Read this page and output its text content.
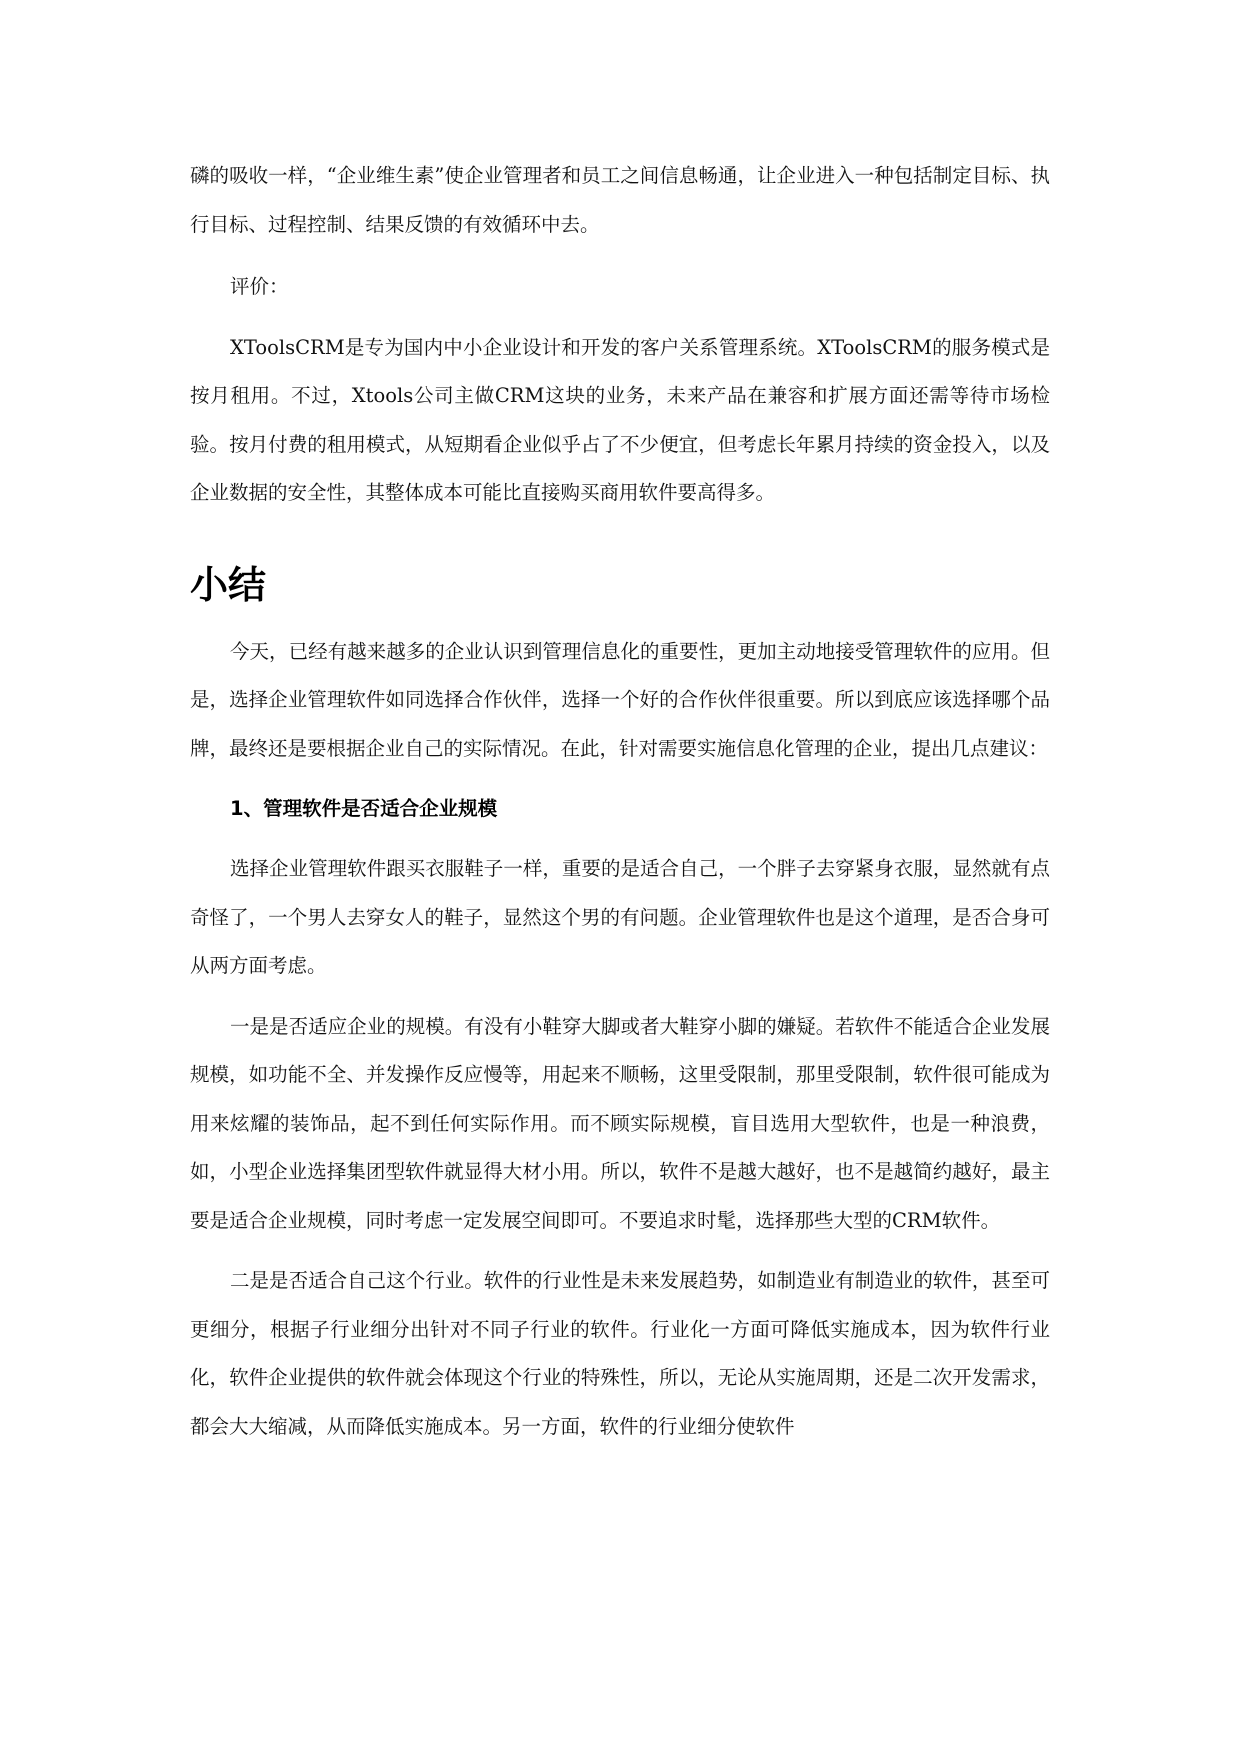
磷的吸收一样，“企业维生素”使企业管理者和员工之间信息畅通，让企业进入一种包括制定目标、执行目标、过程控制、结果反馈的有效循环中去。

评价：

XToolsCRM是专为国内中小企业设计和开发的客户关系管理系统。XToolsCRM的服务模式是按月租用。不过，Xtools公司主做CRM这块的业务，未来产品在兼容和扩展方面还需等待市场检验。按月付费的租用模式，从短期看企业似乎占了不少便宜，但考虑长年累月持续的资金投入，以及企业数据的安全性，其整体成本可能比直接购买商用软件要高得多。

小结

今天，已经有越来越多的企业认识到管理信息化的重要性，更加主动地接受管理软件的应用。但是，选择企业管理软件如同选择合作伙伴，选择一个好的合作伙伴很重要。所以到底应该选择哪个品牌，最终还是要根据企业自己的实际情况。在此，针对需要实施信息化管理的企业，提出几点建议：

1、管理软件是否适合企业规模

选择企业管理软件跟买衣服鞋子一样，重要的是适合自己，一个胖子去穿紧身衣服，显然就有点奇怪了，一个男人去穿女人的鞋子，显然这个男的有问题。企业管理软件也是这个道理，是否合身可从两方面考虑。

一是是否适应企业的规模。有没有小鞋穿大脚或者大鞋穿小脚的嫌疑。若软件不能适合企业发展规模，如功能不全、并发操作反应慢等，用起来不顺畅，这里受限制，那里受限制，软件很可能成为用来炫耀的装饰品，起不到任何实际作用。而不顾实际规模，盲目选用大型软件，也是一种浪费，如，小型企业选择集团型软件就显得大材小用。所以，软件不是越大越好，也不是越简约越好，最主要是适合企业规模，同时考虑一定发展空间即可。不要追求时髦，选择那些大型的CRM软件。

二是是否适合自己这个行业。软件的行业性是未来发展趋势，如制造业有制造业的软件，甚至可更细分，根据子行业细分出针对不同子行业的软件。行业化一方面可降低实施成本，因为软件行业化，软件企业提供的软件就会体现这个行业的特殊性，所以，无论从实施周期，还是二次开发需求，都会大大缩减，从而降低实施成本。另一方面，软件的行业细分使软件
